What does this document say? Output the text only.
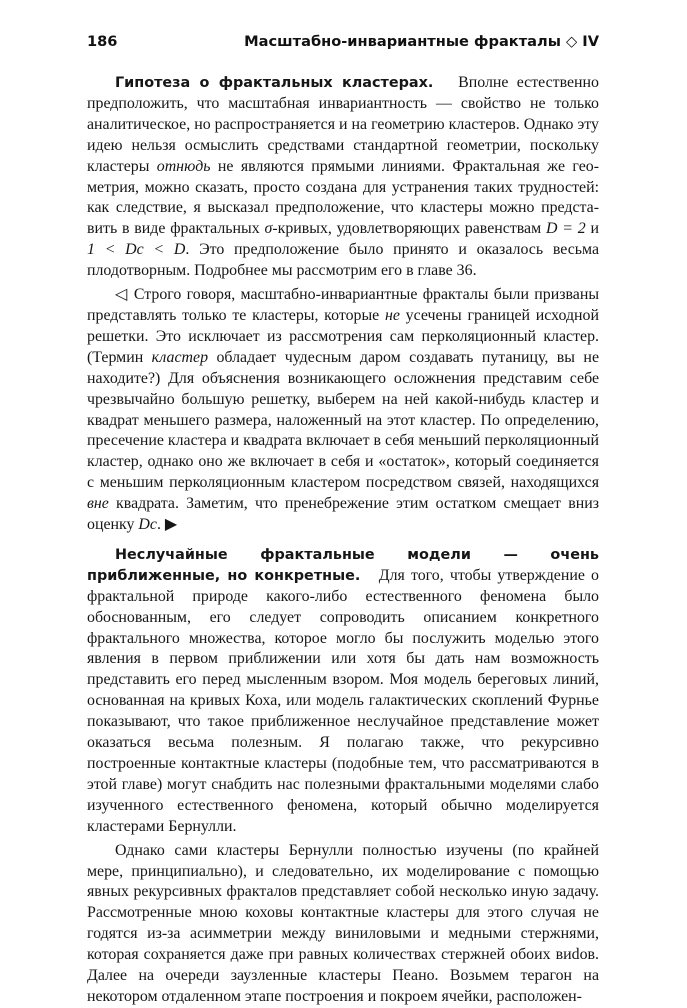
186	Масштабно-инвариантные фракталы ◇ IV

Гипотеза о фрактальных кластерах. Вполне естественно предположить, что масштабная инвариантность — свойство не только аналитическое, но распространяется и на геометрию кластеров. Однако эту идею нельзя осмыслить средствами стандартной геометрии, поскольку кластеры отнюдь не являются прямыми линиями. Фрактальная же геометрия, можно сказать, просто создана для устранения таких трудностей: как следствие, я высказал предположение, что кластеры можно представить в виде фрактальных σ-кривых, удовлетворяющих равенствам D = 2 и 1 < Dc < D. Это предположение было принято и оказалось весьма плодотворным. Подробнее мы рассмотрим его в главе 36.

◁ Строго говоря, масштабно-инвариантные фракталы были призваны представлять только те кластеры, которые не усечены границей исходной решетки. Это исключает из рассмотрения сам перколяционный кластер. (Термин кластер обладает чудесным даром создавать путаницу, вы не находите?) Для объяснения возникающего осложнения представим себе чрезвычайно большую решетку, выберем на ней какой-нибудь кластер и квадрат меньшего размера, наложенный на этот кластер. По определению, пресечение кластера и квадрата включает в себя меньший перколяционный кластер, однако оно же включает в себя и «остаток», который соединяется с меньшим перколяционным кластером посредством связей, находящихся вне квадрата. Заметим, что пренебрежение этим остатком смещает вниз оценку Dc. ▶

Неслучайные фрактальные модели — очень приближенные, но конкретные. Для того, чтобы утверждение о фрактальной природе какого-либо естественного феномена было обоснованным, его следует сопроводить описанием конкретного фрактального множества, которое могло бы послужить моделью этого явления в первом приближении или хотя бы дать нам возможность представить его перед мысленным взором. Моя модель береговых линий, основанная на кривых Коха, или модель галактических скоплений Фурнье показывают, что такое приближенное неслучайное представление может оказаться весьма полезным. Я полагаю также, что рекурсивно построенные контактные кластеры (подобные тем, что рассматриваются в этой главе) могут снабдить нас полезными фрактальными моделями слабо изученного естественного феномена, который обычно моделируется кластерами Бернулли.

Однако сами кластеры Бернулли полностью изучены (по крайней мере, принципиально), и следовательно, их моделирование с помощью явных рекурсивных фракталов представляет собой несколько иную задачу. Рассмотренные мною коховы контактные кластеры для этого случая не годятся из-за асимметрии между виниловыми и медными стержнями, которая сохраняется даже при равных количествах стержней обоих виdов. Далее на очереди заузленные кластеры Пеано. Возьмем терагон на некотором отдаленном этапе построения и покроем ячейки, расположен-
